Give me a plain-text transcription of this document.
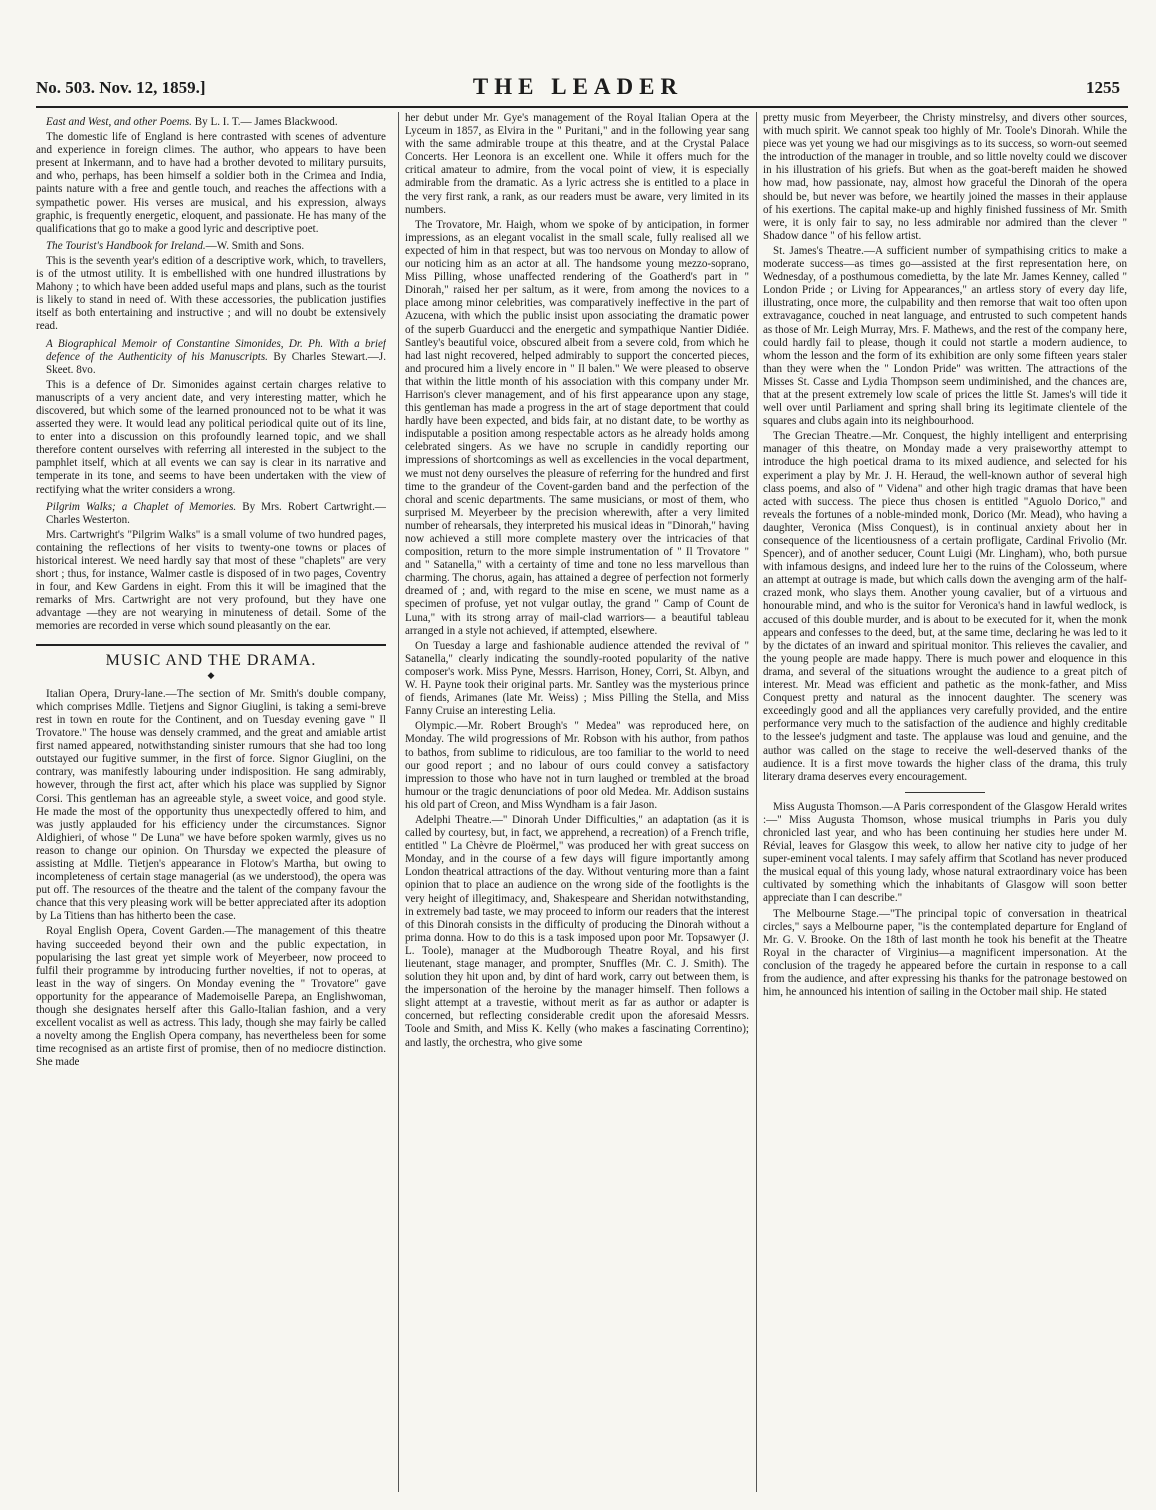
No. 503. Nov. 12, 1859.]	THE LEADER	1255

East and West, and other Poems. By L. I. T.— James Blackwood.

The domestic life of England is here contrasted with scenes of adventure and experience in foreign climes. The author, who appears to have been present at Inkermann, and to have had a brother devoted to military pursuits, and who, perhaps, has been himself a soldier both in the Crimea and India, paints nature with a free and gentle touch, and reaches the affections with a sympathetic power. His verses are musical, and his expression, always graphic, is frequently energetic, eloquent, and passionate. He has many of the qualifications that go to make a good lyric and descriptive poet.

The Tourist's Handbook for Ireland.—W. Smith and Sons.

This is the seventh year's edition of a descriptive work, which, to travellers, is of the utmost utility. It is embellished with one hundred illustrations by Mahony ; to which have been added useful maps and plans, such as the tourist is likely to stand in need of. With these accessories, the publication justifies itself as both entertaining and instructive ; and will no doubt be extensively read.

A Biographical Memoir of Constantine Simonides, Dr. Ph. With a brief defence of the Authenticity of his Manuscripts. By Charles Stewart.—J. Skeet. 8vo.

This is a defence of Dr. Simonides against certain charges relative to manuscripts of a very ancient date, and very interesting matter, which he discovered, but which some of the learned pronounced not to be what it was asserted they were. It would lead any political periodical quite out of its line, to enter into a discussion on this profoundly learned topic, and we shall therefore content ourselves with referring all interested in the subject to the pamphlet itself, which at all events we can say is clear in its narrative and temperate in its tone, and seems to have been undertaken with the view of rectifying what the writer considers a wrong.

Pilgrim Walks; a Chaplet of Memories. By Mrs. Robert Cartwright.—Charles Westerton.

Mrs. Cartwright's "Pilgrim Walks" is a small volume of two hundred pages, containing the reflections of her visits to twenty-one towns or places of historical interest. We need hardly say that most of these "chaplets" are very short ; thus, for instance, Walmer castle is disposed of in two pages, Coventry in four, and Kew Gardens in eight. From this it will be imagined that the remarks of Mrs. Cartwright are not very profound, but they have one advantage —they are not wearying in minuteness of detail. Some of the memories are recorded in verse which sound pleasantly on the ear.

MUSIC AND THE DRAMA.
◆

Italian Opera, Drury-lane.—The section of Mr. Smith's double company, which comprises Mdlle. Tietjens and Signor Giuglini, is taking a semi-breve rest in town en route for the Continent, and on Tuesday evening gave " Il Trovatore." The house was densely crammed, and the great and amiable artist first named appeared, notwithstanding sinister rumours that she had too long outstayed our fugitive summer, in the first of force. Signor Giuglini, on the contrary, was manifestly labouring under indisposition. He sang admirably, however, through the first act, after which his place was supplied by Signor Corsi. This gentleman has an agreeable style, a sweet voice, and good style. He made the most of the opportunity thus unexpectedly offered to him, and was justly applauded for his efficiency under the circumstances. Signor Aldighieri, of whose " De Luna" we have before spoken warmly, gives us no reason to change our opinion. On Thursday we expected the pleasure of assisting at Mdlle. Tietjen's appearance in Flotow's Martha, but owing to incompleteness of certain stage managerial (as we understood), the opera was put off. The resources of the theatre and the talent of the company favour the chance that this very pleasing work will be better appreciated after its adoption by La Titiens than has hitherto been the case.

Royal English Opera, Covent Garden.—The management of this theatre having succeeded beyond their own and the public expectation, in popularising the last great yet simple work of Meyerbeer, now proceed to fulfil their programme by introducing further novelties, if not to operas, at least in the way of singers. On Monday evening the " Trovatore" gave opportunity for the appearance of Mademoiselle Parepa, an Englishwoman, though she designates herself after this Gallo-Italian fashion, and a very excellent vocalist as well as actress. This lady, though she may fairly be called a novelty among the English Opera company, has nevertheless been for some time recognised as an artiste first of promise, then of no mediocre distinction. She made

her debut under Mr. Gye's management of the Royal Italian Opera at the Lyceum in 1857, as Elvira in the " Puritani," and in the following year sang with the same admirable troupe at this theatre, and at the Crystal Palace Concerts. Her Leonora is an excellent one. While it offers much for the critical amateur to admire, from the vocal point of view, it is especially admirable from the dramatic. As a lyric actress she is entitled to a place in the very first rank, a rank, as our readers must be aware, very limited in its numbers.

The Trovatore, Mr. Haigh, whom we spoke of by anticipation, in former impressions, as an elegant vocalist in the small scale, fully realised all we expected of him in that respect, but was too nervous on Monday to allow of our noticing him as an actor at all. The handsome young mezzo-soprano, Miss Pilling, whose unaffected rendering of the Goatherd's part in " Dinorah," raised her per saltum, as it were, from among the novices to a place among minor celebrities, was comparatively ineffective in the part of Azucena, with which the public insist upon associating the dramatic power of the superb Guarducci and the energetic and sympathique Nantier Didiée. Santley's beautiful voice, obscured albeit from a severe cold, from which he had last night recovered, helped admirably to support the concerted pieces, and procured him a lively encore in " Il balen." We were pleased to observe that within the little month of his association with this company under Mr. Harrison's clever management, and of his first appearance upon any stage, this gentleman has made a progress in the art of stage deportment that could hardly have been expected, and bids fair, at no distant date, to be worthy as indisputable a position among respectable actors as he already holds among celebrated singers. As we have no scruple in candidly reporting our impressions of shortcomings as well as excellencies in the vocal department, we must not deny ourselves the pleasure of referring for the hundred and first time to the grandeur of the Covent-garden band and the perfection of the choral and scenic departments. The same musicians, or most of them, who surprised M. Meyerbeer by the precision wherewith, after a very limited number of rehearsals, they interpreted his musical ideas in "Dinorah," having now achieved a still more complete mastery over the intricacies of that composition, return to the more simple instrumentation of " Il Trovatore " and " Satanella," with a certainty of time and tone no less marvellous than charming. The chorus, again, has attained a degree of perfection not formerly dreamed of ; and, with regard to the mise en scene, we must name as a specimen of profuse, yet not vulgar outlay, the grand " Camp of Count de Luna," with its strong array of mail-clad warriors— a beautiful tableau arranged in a style not achieved, if attempted, elsewhere.

On Tuesday a large and fashionable audience attended the revival of " Satanella," clearly indicating the soundly-rooted popularity of the native composer's work. Miss Pyne, Messrs. Harrison, Honey, Corri, St. Albyn, and W. H. Payne took their original parts. Mr. Santley was the mysterious prince of fiends, Arimanes (late Mr. Weiss) ; Miss Pilling the Stella, and Miss Fanny Cruise an interesting Lelia.

Olympic.—Mr. Robert Brough's " Medea" was reproduced here, on Monday. The wild progressions of Mr. Robson with his author, from pathos to bathos, from sublime to ridiculous, are too familiar to the world to need our good report ; and no labour of ours could convey a satisfactory impression to those who have not in turn laughed or trembled at the broad humour or the tragic denunciations of poor old Medea. Mr. Addison sustains his old part of Creon, and Miss Wyndham is a fair Jason.

Adelphi Theatre.—" Dinorah Under Difficulties," an adaptation (as it is called by courtesy, but, in fact, we apprehend, a recreation) of a French trifle, entitled " La Chèvre de Ploërmel," was produced her with great success on Monday, and in the course of a few days will figure importantly among London theatrical attractions of the day. Without venturing more than a faint opinion that to place an audience on the wrong side of the footlights is the very height of illegitimacy, and, Shakespeare and Sheridan notwithstanding, in extremely bad taste, we may proceed to inform our readers that the interest of this Dinorah consists in the difficulty of producing the Dinorah without a prima donna. How to do this is a task imposed upon poor Mr. Topsawyer (J. L. Toole), manager at the Mudborough Theatre Royal, and his first lieutenant, stage manager, and prompter, Snuffles (Mr. C. J. Smith). The solution they hit upon and, by dint of hard work, carry out between them, is the impersonation of the heroine by the manager himself. Then follows a slight attempt at a travestie, without merit as far as author or adapter is concerned, but reflecting considerable credit upon the aforesaid Messrs. Toole and Smith, and Miss K. Kelly (who makes a fascinating Correntino); and lastly, the orchestra, who give some

pretty music from Meyerbeer, the Christy minstrelsy, and divers other sources, with much spirit. We cannot speak too highly of Mr. Toole's Dinorah. While the piece was yet young we had our misgivings as to its success, so worn-out seemed the introduction of the manager in trouble, and so little novelty could we discover in his illustration of his griefs. But when as the goat-bereft maiden he showed how mad, how passionate, nay, almost how graceful the Dinorah of the opera should be, but never was before, we heartily joined the masses in their applause of his exertions. The capital make-up and highly finished fussiness of Mr. Smith were, it is only fair to say, no less admirable nor admired than the clever " Shadow dance " of his fellow artist.

St. James's Theatre.—A sufficient number of sympathising critics to make a moderate success—as times go—assisted at the first representation here, on Wednesday, of a posthumous comedietta, by the late Mr. James Kenney, called " London Pride ; or Living for Appearances," an artless story of every day life, illustrating, once more, the culpability and then remorse that wait too often upon extravagance, couched in neat language, and entrusted to such competent hands as those of Mr. Leigh Murray, Mrs. F. Mathews, and the rest of the company here, could hardly fail to please, though it could not startle a modern audience, to whom the lesson and the form of its exhibition are only some fifteen years staler than they were when the " London Pride" was written. The attractions of the Misses St. Casse and Lydia Thompson seem undiminished, and the chances are, that at the present extremely low scale of prices the little St. James's will tide it well over until Parliament and spring shall bring its legitimate clientele of the squares and clubs again into its neighbourhood.

The Grecian Theatre.—Mr. Conquest, the highly intelligent and enterprising manager of this theatre, on Monday made a very praiseworthy attempt to introduce the high poetical drama to its mixed audience, and selected for his experiment a play by Mr. J. H. Heraud, the well-known author of several high class poems, and also of " Videna" and other high tragic dramas that have been acted with success. The piece thus chosen is entitled "Aguolo Dorico," and reveals the fortunes of a noble-minded monk, Dorico (Mr. Mead), who having a daughter, Veronica (Miss Conquest), is in continual anxiety about her in consequence of the licentiousness of a certain profligate, Cardinal Frivolio (Mr. Spencer), and of another seducer, Count Luigi (Mr. Lingham), who, both pursue with infamous designs, and indeed lure her to the ruins of the Colosseum, where an attempt at outrage is made, but which calls down the avenging arm of the half-crazed monk, who slays them. Another young cavalier, but of a virtuous and honourable mind, and who is the suitor for Veronica's hand in lawful wedlock, is accused of this double murder, and is about to be executed for it, when the monk appears and confesses to the deed, but, at the same time, declaring he was led to it by the dictates of an inward and spiritual monitor. This relieves the cavalier, and the young people are made happy. There is much power and eloquence in this drama, and several of the situations wrought the audience to a great pitch of interest. Mr. Mead was efficient and pathetic as the monk-father, and Miss Conquest pretty and natural as the innocent daughter. The scenery was exceedingly good and all the appliances very carefully provided, and the entire performance very much to the satisfaction of the audience and highly creditable to the lessee's judgment and taste. The applause was loud and genuine, and the author was called on the stage to receive the well-deserved thanks of the audience. It is a first move towards the higher class of the drama, this truly literary drama deserves every encouragement.

Miss Augusta Thomson.—A Paris correspondent of the Glasgow Herald writes :—" Miss Augusta Thomson, whose musical triumphs in Paris you duly chronicled last year, and who has been continuing her studies here under M. Révial, leaves for Glasgow this week, to allow her native city to judge of her super-eminent vocal talents. I may safely affirm that Scotland has never produced the musical equal of this young lady, whose natural extraordinary voice has been cultivated by something which the inhabitants of Glasgow will soon better appreciate than I can describe."

The Melbourne Stage.—"The principal topic of conversation in theatrical circles," says a Melbourne paper, "is the contemplated departure for England of Mr. G. V. Brooke. On the 18th of last month he took his benefit at the Theatre Royal in the character of Virginius—a magnificent impersonation. At the conclusion of the tragedy he appeared before the curtain in response to a call from the audience, and after expressing his thanks for the patronage bestowed on him, he announced his intention of sailing in the October mail ship. He stated
